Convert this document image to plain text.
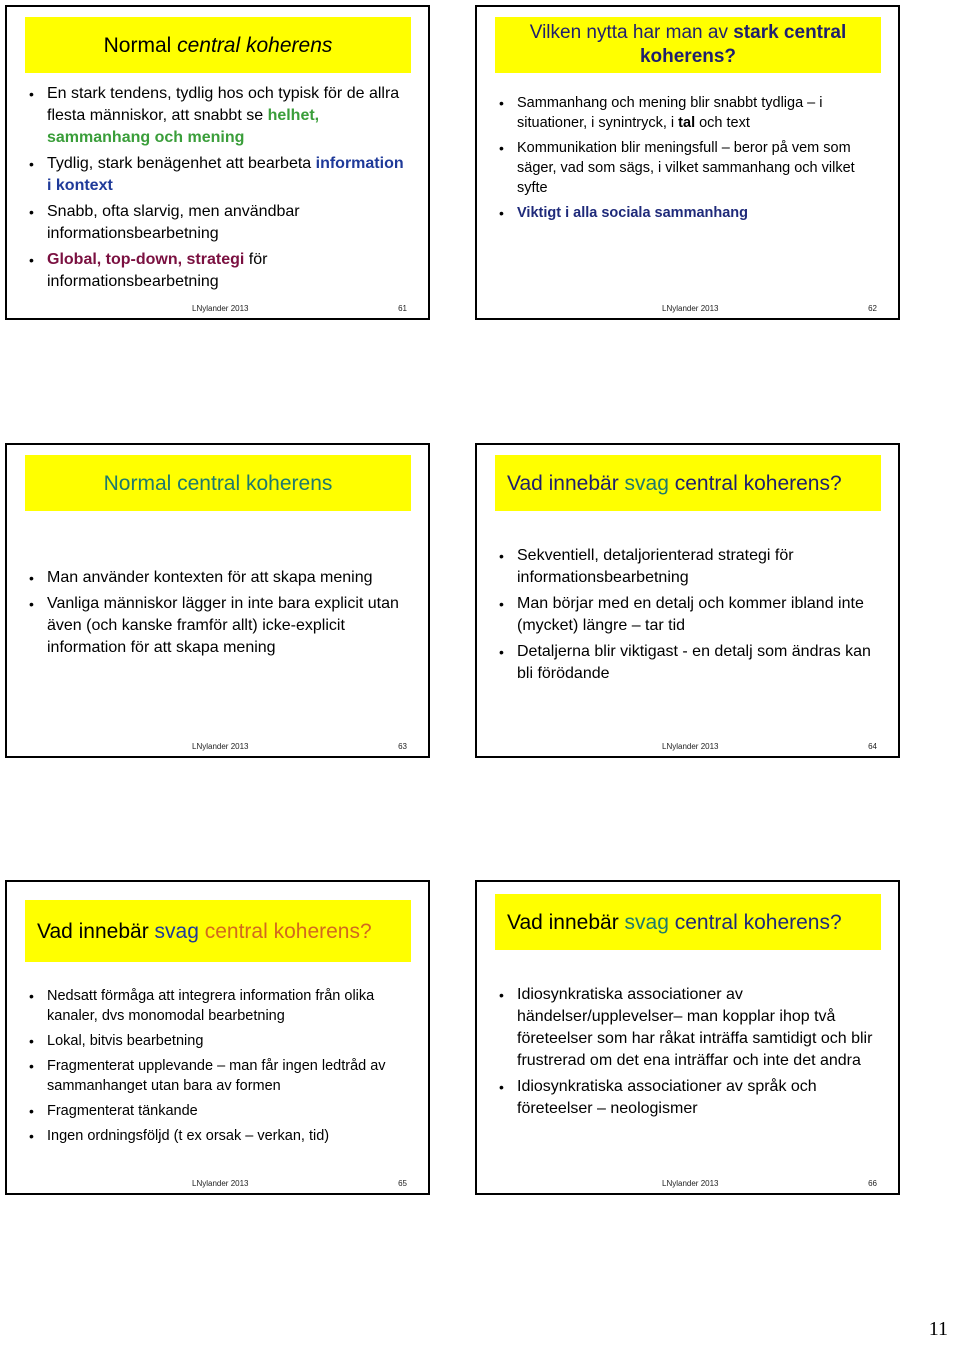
Normal central koherens
• En stark tendens, tydlig hos och typisk för de allra flesta människor, att snabbt se helhet, sammanhang och mening
• Tydlig, stark benägenhet att bearbeta information i kontext
• Snabb, ofta slarvig, men användbar informationsbearbetning
• Global, top-down, strategi för informationsbearbetning
LNylander 2013	61
Vilken nytta har man av stark central koherens?
• Sammanhang och mening blir snabbt tydliga – i situationer, i synintryck, i tal och text
• Kommunikation blir meningsfull – beror på vem som säger, vad som sägs, i vilket sammanhang och vilket syfte
• Viktigt i alla sociala sammanhang
LNylander 2013	62
Normal central koherens
• Man använder kontexten för att skapa mening
• Vanliga människor lägger in inte bara explicit utan även (och kanske framför allt) icke-explicit information för att skapa mening
LNylander 2013	63
Vad innebär svag central koherens?
• Sekventiell, detaljorienterad strategi för informationsbearbetning
• Man börjar med en detalj och kommer ibland inte (mycket) längre – tar tid
• Detaljerna blir viktigast - en detalj som ändras kan bli förödande
LNylander 2013	64
Vad innebär svag central koherens?
• Nedsatt förmåga att integrera information från olika kanaler, dvs monomodal bearbetning
• Lokal, bitvis bearbetning
• Fragmenterat upplevande – man får ingen ledtråd av sammanhanget utan bara av formen
• Fragmenterat tänkande
• Ingen ordningsföljd (t ex orsak – verkan, tid)
LNylander 2013	65
Vad innebär svag central koherens?
• Idiosynkratiska associationer av händelser/upplevelser– man kopplar ihop två företeelser som har råkat inträffa samtidigt och blir frustrerad om det ena inträffar och inte det andra
• Idiosynkratiska associationer av språk och företeelser – neologismer
LNylander 2013	66
11
